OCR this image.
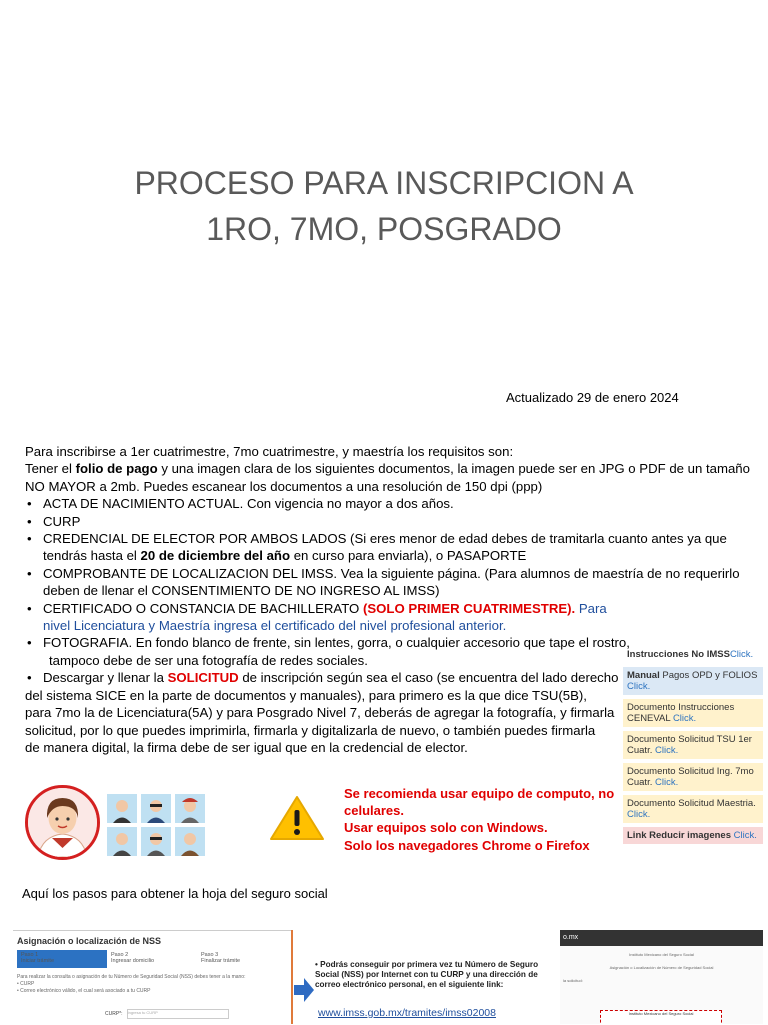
PROCESO PARA INSCRIPCION A
1RO, 7MO, POSGRADO
Actualizado 29 de enero 2024

Para inscribirse a 1er cuatrimestre, 7mo cuatrimestre, y maestría los requisitos son:

Tener el folio de pago y una imagen clara de los siguientes documentos, la imagen puede ser en JPG o PDF de un tamaño NO MAYOR a 2mb. Puedes escanear los documentos a una resolución de 150 dpi (ppp)

• ACTA DE NACIMIENTO ACTUAL. Con vigencia no mayor a dos años.
• CURP
• CREDENCIAL DE ELECTOR POR AMBOS LADOS (Si eres menor de edad debes de tramitarla cuanto antes ya que tendrás hasta el 20 de diciembre del año en curso para enviarla), o PASAPORTE
• COMPROBANTE DE LOCALIZACION DEL IMSS. Vea la siguiente página. (Para alumnos de maestría de no requerirlo deben de llenar el CONSENTIMIENTO DE NO INGRESO AL IMSS)
• CERTIFICADO O CONSTANCIA DE BACHILLERATO (SOLO PRIMER CUATRIMESTRE). Para nivel Licenciatura y Maestría ingresa el certificado del nivel profesional anterior.
• FOTOGRAFIA. En fondo blanco de frente, sin lentes, gorra, o cualquier accesorio que tape el rostro,
tampoco debe de ser una fotografía de redes sociales.
• Descargar y llenar la SOLICITUD de inscripción según sea el caso (se encuentra del lado derecho

del sistema SICE en la parte de documentos y manuales), para primero es la que dice TSU(5B),

para 7mo la de Licenciatura(5A) y para Posgrado Nivel 7, deberás de agregar la fotografía, y firmarla

solicitud, por lo que puedes imprimirla, firmarla y digitalizarla de nuevo, o también puedes firmarla

de manera digital, la firma debe de ser igual que en la credencial de elector.

Instrucciones No IMSSClick.
Manual Pagos OPD y FOLIOS Click.
Documento Instrucciones CENEVAL Click.
Documento Solicitud TSU 1er Cuatr. Click.
Documento Solicitud Ing. 7mo Cuatr. Click.
Documento Solicitud Maestria. Click.
Link Reducir imagenes Click.

Se recomienda usar equipo de computo, no celulares.

Usar equipos solo con Windows.

Solo los navegadores Chrome o Firefox

Aquí los pasos para obtener la hoja del seguro social
Asignación o localización de NSS
Paso 1
Iniciar trámite
Paso 2
Ingresar domicilio
Paso 3
Finalizar trámite
Para realizar la consulta o asignación de tu Número de Seguridad Social (NSS) debes tener a la mano:
• CURP
• Correo electrónico válido, el cual será asociado a tu CURP
CURP*: Ingresa tu CURP
• Podrás conseguir por primera vez tu Número de Seguro Social (NSS) por Internet con tu CURP y una dirección de correo electrónico personal, en el siguiente link:
www.imss.gob.mx/tramites/imss02008
o.mx
Instituto Mexicano del Seguro Social
Asignación o Localización de Número de Seguridad Social
la solicitud:
Instituto Mexicano del Seguro Social
